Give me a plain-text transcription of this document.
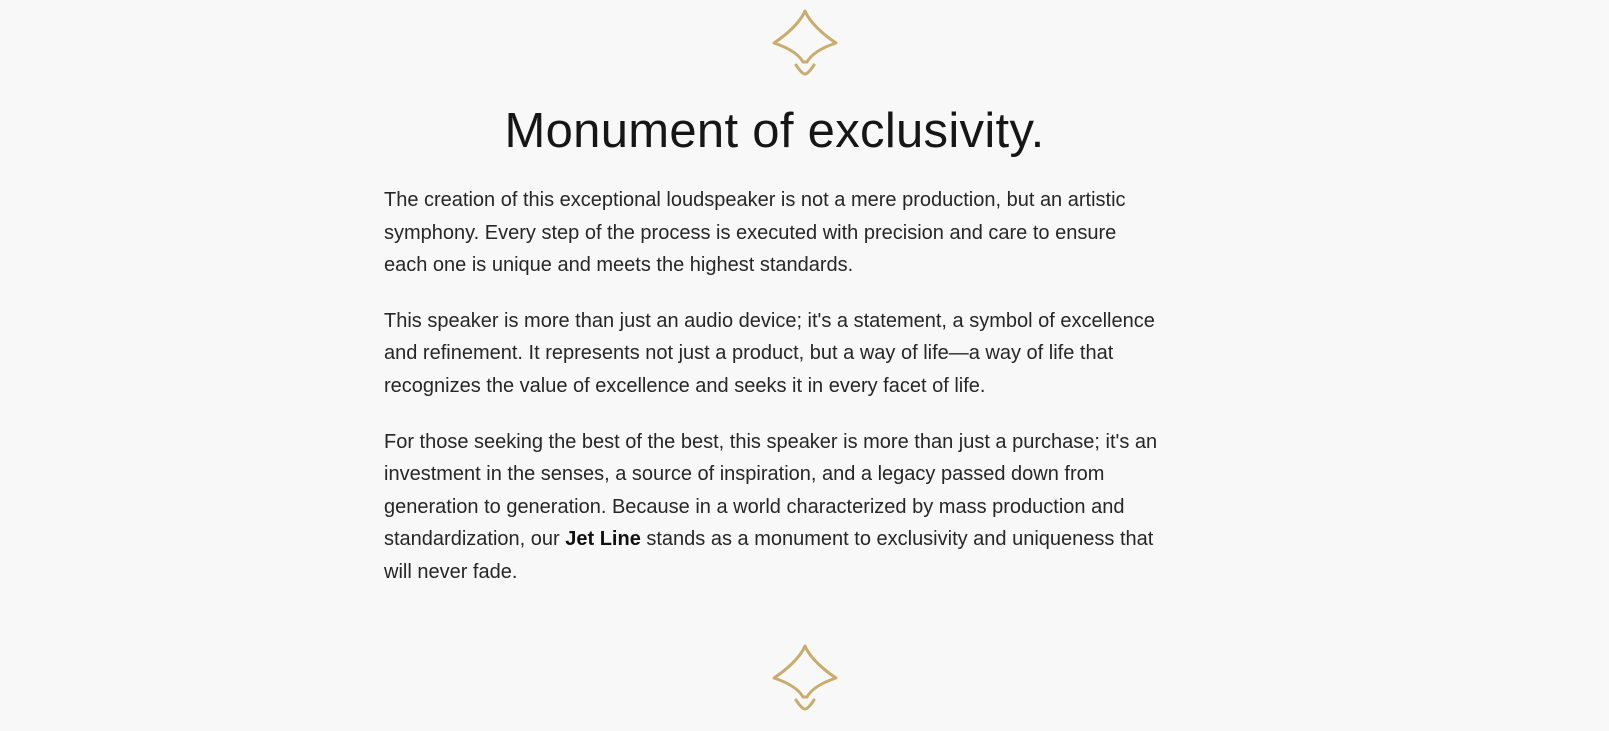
Monument of exclusivity.

The creation of this exceptional loudspeaker is not a mere production, but an artistic symphony. Every step of the process is executed with precision and care to ensure each one is unique and meets the highest standards.

This speaker is more than just an audio device; it's a statement, a symbol of excellence and refinement. It represents not just a product, but a way of life—a way of life that recognizes the value of excellence and seeks it in every facet of life.

For those seeking the best of the best, this speaker is more than just a purchase; it's an investment in the senses, a source of inspiration, and a legacy passed down from generation to generation. Because in a world characterized by mass production and standardization, our Jet Line stands as a monument to exclusivity and uniqueness that will never fade.
